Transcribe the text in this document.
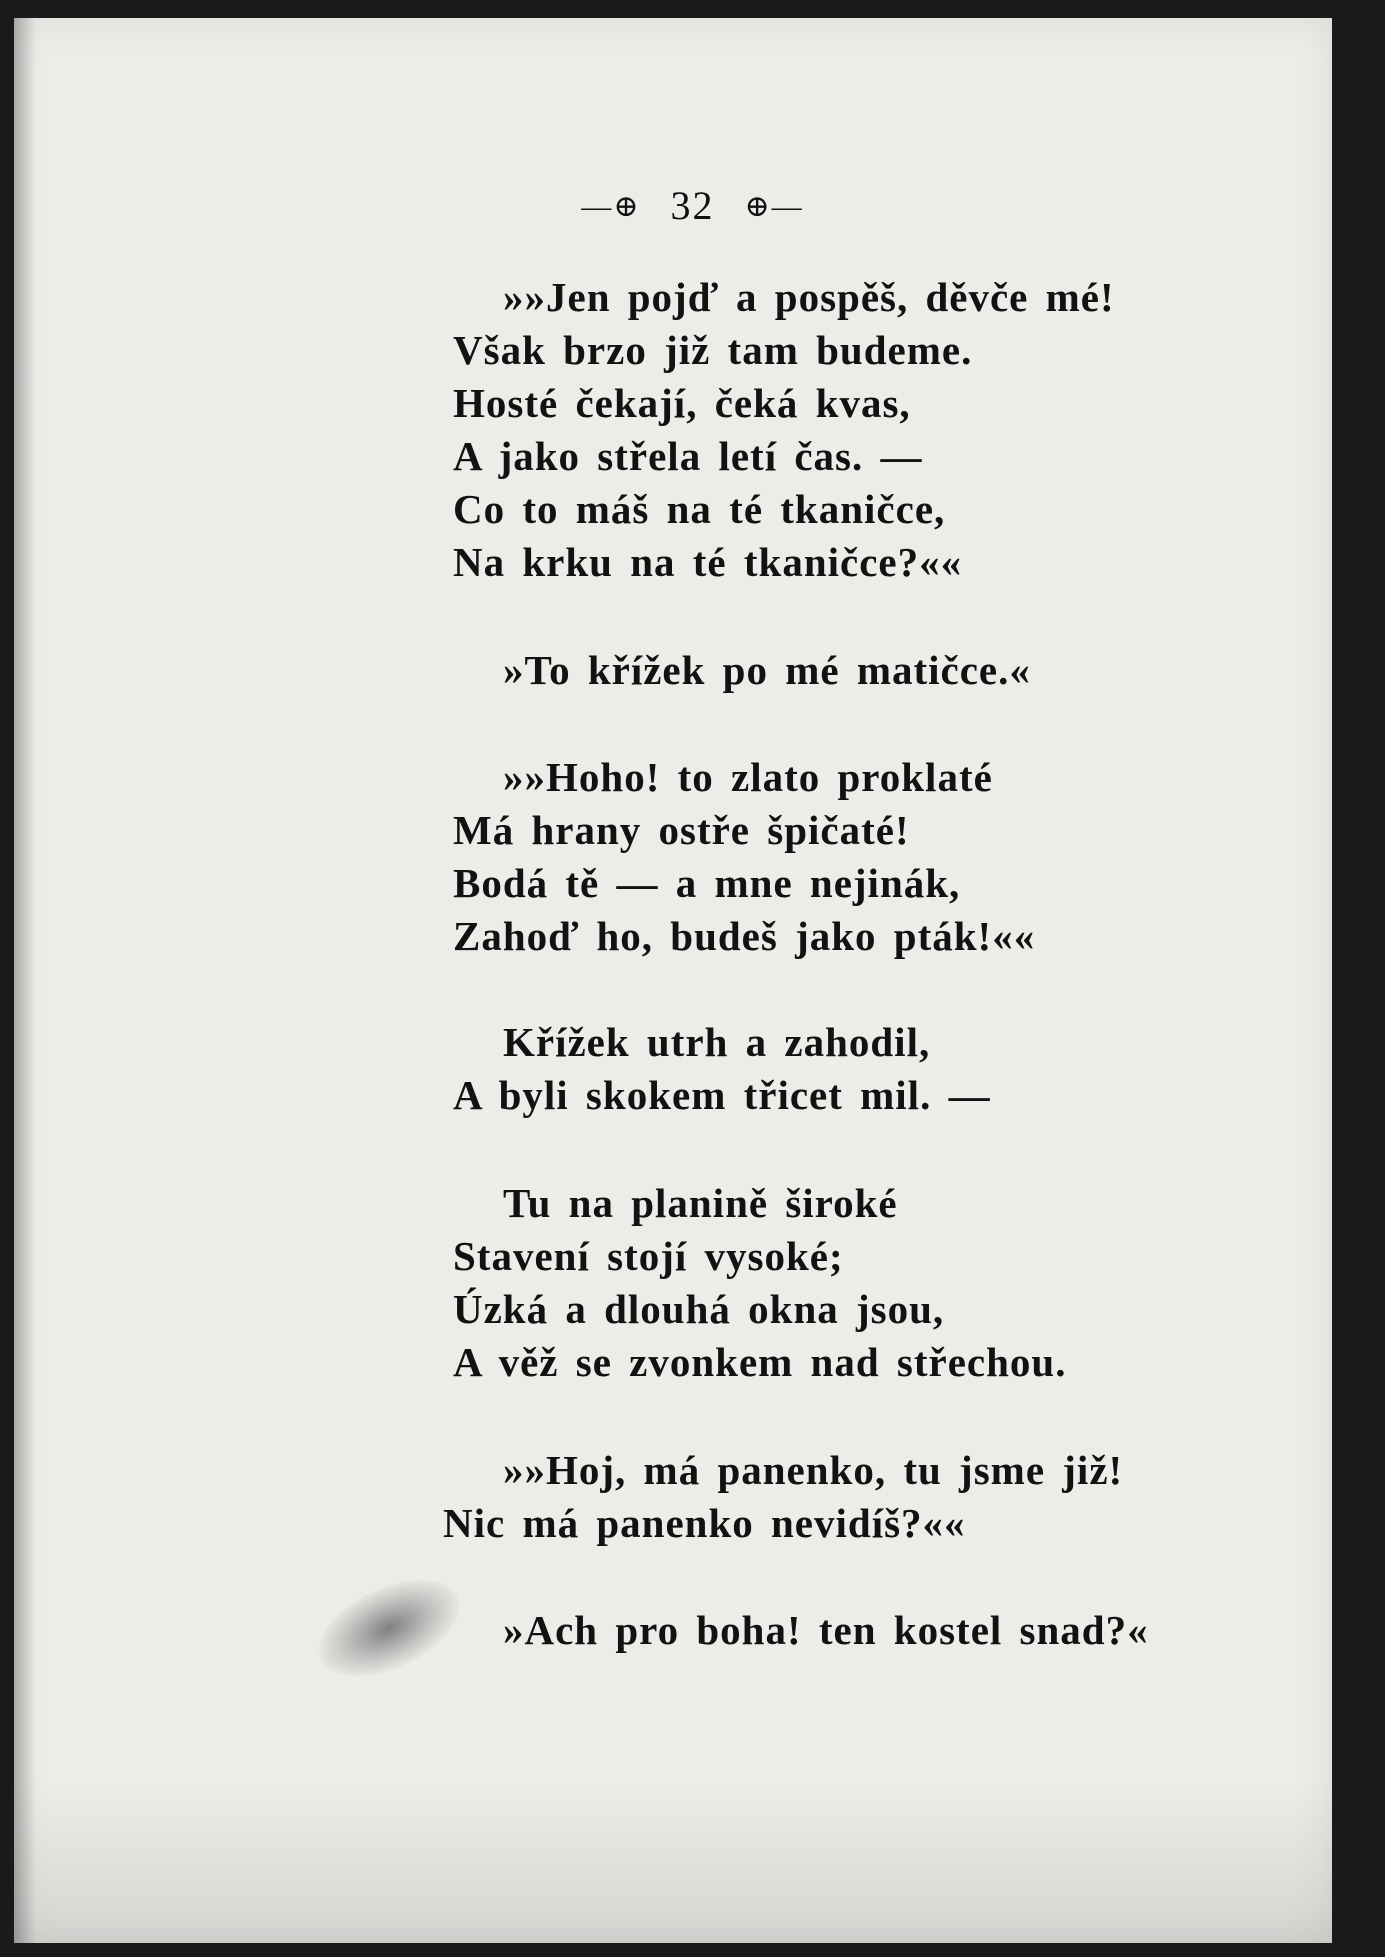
—⊕ 32 ⊕—
»»Jen pojď a pospěš, děvče mé!
Však brzo již tam budeme.
Hosté čekají, čeká kvas,
A jako střela letí čas. —
Co to máš na té tkaničce,
Na krku na té tkaničce?««
»To křížek po mé matičce.«
»»Hoho! to zlato proklaté
Má hrany ostře špičaté!
Bodá tě — a mne nejinák,
Zahoď ho, budeš jako pták!««
Křížek utrh a zahodil,
A byli skokem třicet mil. —
Tu na planině široké
Stavení stojí vysoké;
Úzká a dlouhá okna jsou,
A věž se zvonkem nad střechou.
»»Hoj, má panenko, tu jsme již!
Nic má panenko nevidíš?««
»Ach pro boha! ten kostel snad?«
